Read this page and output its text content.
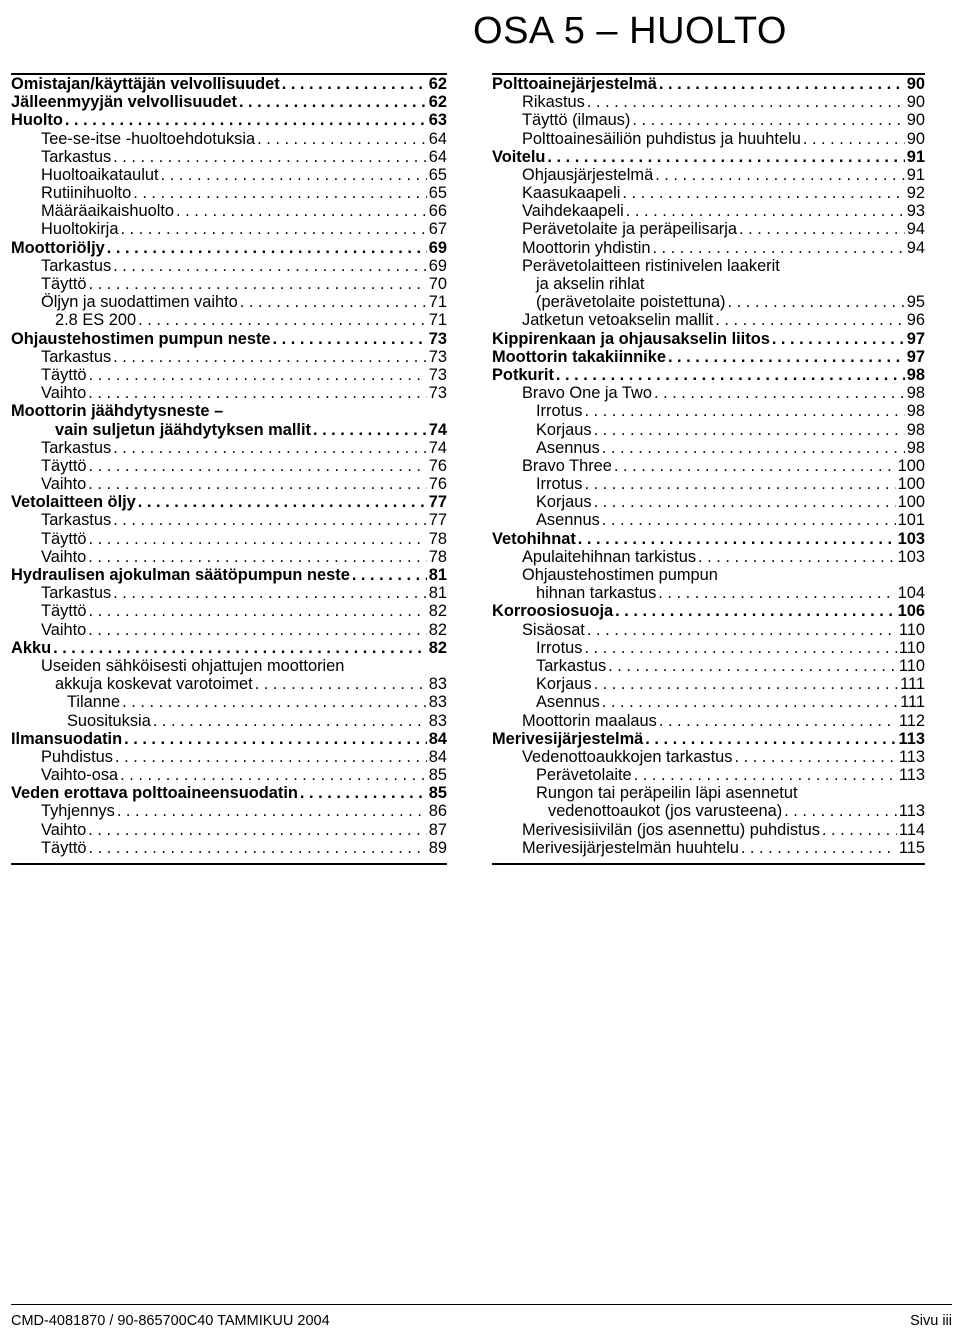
OSA 5 – HUOLTO
Omistajan/käyttäjän velvollisuudet . . .	62
Jälleenmyyjän velvollisuudet . . .	62
Huolto . . .	63
Tee-se-itse -huoltoehdotuksia . . .	64
Tarkastus . . .	64
Huoltoaikataulut . . .	65
Rutiinihuolto . . .	65
Määräaikaishuolto . . .	66
Huoltokirja . . .	67
Moottoriöljy . . .	69
Tarkastus . . .	69
Täyttö . . .	70
Öljyn ja suodattimen vaihto . . .	71
2.8 ES 200 . . .	71
Ohjaustehostimen pumpun neste . . .	73
Tarkastus . . .	73
Täyttö . . .	73
Vaihto . . .	73
Moottorin jäähdytysneste –
vain suljetun jäähdytyksen mallit . . .	74
Tarkastus . . .	74
Täyttö . . .	76
Vaihto . . .	76
Vetolaitteen öljy . . .	77
Tarkastus . . .	77
Täyttö . . .	78
Vaihto . . .	78
Hydraulisen ajokulman säätöpumpun neste . . .	81
Tarkastus . . .	81
Täyttö . . .	82
Vaihto . . .	82
Akku . . .	82
Useiden sähköisesti ohjattujen moottorien
akkuja koskevat varotoimet . . .	83
Tilanne . . .	83
Suosituksia . . .	83
Ilmansuodatin . . .	84
Puhdistus . . .	84
Vaihto-osa . . .	85
Veden erottava polttoaineensuodatin . . .	85
Tyhjennys . . .	86
Vaihto . . .	87
Täyttö . . .	89
Polttoainejärjestelmä . . .	90
Rikastus . . .	90
Täyttö (ilmaus) . . .	90
Polttoainesäiliön puhdistus ja huuhtelu . . .	90
Voitelu . . .	91
Ohjausjärjestelmä . . .	91
Kaasukaapeli . . .	92
Vaihdekaapeli . . .	93
Perävetolaite ja peräpeilisarja . . .	94
Moottorin yhdistin . . .	94
Perävetolaitteen ristinivelen laakerit
ja akselin rihlat
(perävetolaite poistettuna) . . .	95
Jatketun vetoakselin mallit . . .	96
Kippirenkaan ja ohjausakselin liitos . . .	97
Moottorin takakiinnike . . .	97
Potkurit . . .	98
Bravo One ja Two . . .	98
Irrotus . . .	98
Korjaus . . .	98
Asennus . . .	98
Bravo Three . . .	100
Irrotus . . .	100
Korjaus . . .	100
Asennus . . .	101
Vetohihnat . . .	103
Apulaitehihnan tarkistus . . .	103
Ohjaustehostimen pumpun
hihnan tarkastus . . .	104
Korroosiosuoja . . .	106
Sisäosat . . .	110
Irrotus . . .	110
Tarkastus . . .	110
Korjaus . . .	111
Asennus . . .	111
Moottorin maalaus . . .	112
Merivesijärjestelmä . . .	113
Vedenottoaukkojen tarkastus . . .	113
Perävetolaite . . .	113
Rungon tai peräpeilin läpi asennetut
vedenottoaukot (jos varusteena) . . .	113
Merivesisiivilän (jos asennettu) puhdistus . . .	114
Merivesijärjestelmän huuhtelu . . .	115
CMD-4081870 / 90-865700C40 TAMMIKUU 2004	Sivu iii
